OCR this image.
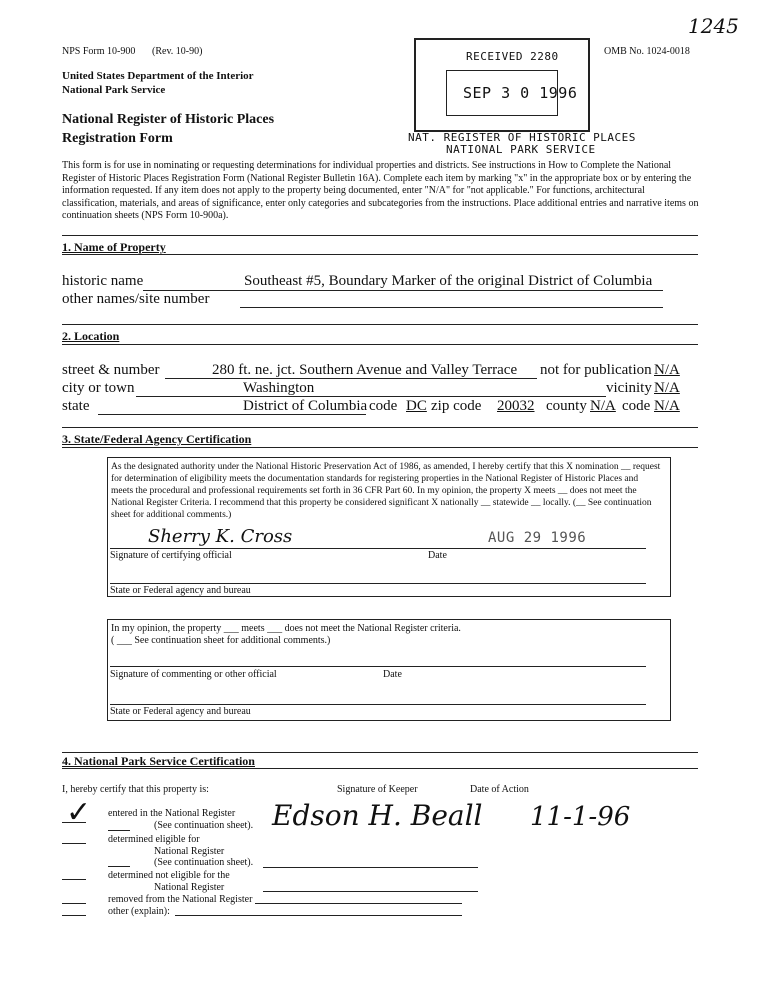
1245
NPS Form 10-900 (Rev. 10-90)	OMB No. 1024-0018
United States Department of the Interior
National Park Service
National Register of Historic Places
Registration Form
RECEIVED 2280
SEP 3 0 1996
NAT. REGISTER OF HISTORIC PLACES
NATIONAL PARK SERVICE
This form is for use in nominating or requesting determinations for individual properties and districts. See instructions in How to Complete the National Register of Historic Places Registration Form (National Register Bulletin 16A). Complete each item by marking "x" in the appropriate box or by entering the information requested. If any item does not apply to the property being documented, enter "N/A" for "not applicable." For functions, architectural classification, materials, and areas of significance, enter only categories and subcategories from the instructions. Place additional entries and narrative items on continuation sheets (NPS Form 10-900a).
1. Name of Property
historic name	Southeast #5, Boundary Marker of the original District of Columbia
other names/site number
2. Location
street & number	280 ft. ne. jct. Southern Avenue and Valley Terrace not for publication N/A
city or town	Washington	vicinity N/A
state	District of Columbia code DC zip code 20032 county N/A code N/A
3. State/Federal Agency Certification
As the designated authority under the National Historic Preservation Act of 1986, as amended, I hereby certify that this X nomination __ request for determination of eligibility meets the documentation standards for registering properties in the National Register of Historic Places and meets the procedural and professional requirements set forth in 36 CFR Part 60. In my opinion, the property X meets __ does not meet the National Register Criteria. I recommend that this property be considered significant X nationally __ statewide __ locally. (__ See continuation sheet for additional comments.)
Sherry K. Cross	AUG 29 1996
Signature of certifying official	Date
State or Federal agency and bureau
In my opinion, the property ___ meets ___ does not meet the National Register criteria.
( ___ See continuation sheet for additional comments.)
Signature of commenting or other official	Date
State or Federal agency and bureau
4. National Park Service Certification
I, hereby certify that this property is:	Signature of Keeper	Date of Action
Edson H. Beall 11-1-96
✓ entered in the National Register
(See continuation sheet).
determined eligible for
National Register
(See continuation sheet).
determined not eligible for the
National Register
removed from the National Register
other (explain):
